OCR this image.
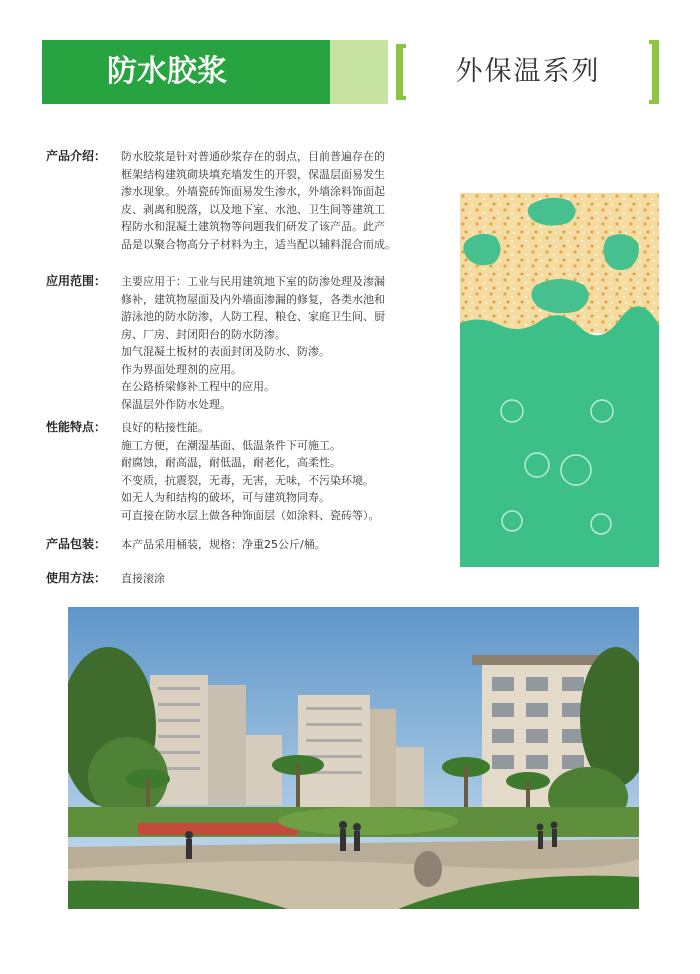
防水胶浆	外保温系列
产品介绍： 防水胶浆是针对普通砂浆存在的弱点，目前普遍存在的
框架结构建筑砌块填充墙发生的开裂，保温层面易发生
渗水现象。外墙瓷砖饰面易发生渗水，外墙涂料饰面起
皮、剥离和脱落，以及地下室、水池、卫生间等建筑工
程防水和混凝土建筑物等问题我们研发了该产品。此产
品是以聚合物高分子材料为主，适当配以辅料混合而成。
应用范围： 主要应用于：工业与民用建筑地下室的防渗处理及渗漏
修补，建筑物屋面及内外墙面渗漏的修复，各类水池和
游泳池的防水防渗，人防工程、粮仓、家庭卫生间、厨
房、厂房、封闭阳台的防水防渗。
加气混凝土板材的表面封闭及防水、防渗。
作为界面处理剂的应用。
在公路桥梁修补工程中的应用。
保温层外作防水处理。
性能特点： 良好的粘接性能。
施工方便，在潮湿基面、低温条件下可施工。
耐腐蚀，耐高温，耐低温，耐老化，高柔性。
不变质，抗震裂，无毒，无害，无味，不污染环境。
如无人为和结构的破坏，可与建筑物同寿。
可直接在防水层上做各种饰面层（如涂料、瓷砖等）。
产品包装： 本产品采用桶装，规格：净重25公斤/桶。
使用方法： 直接滚涂
